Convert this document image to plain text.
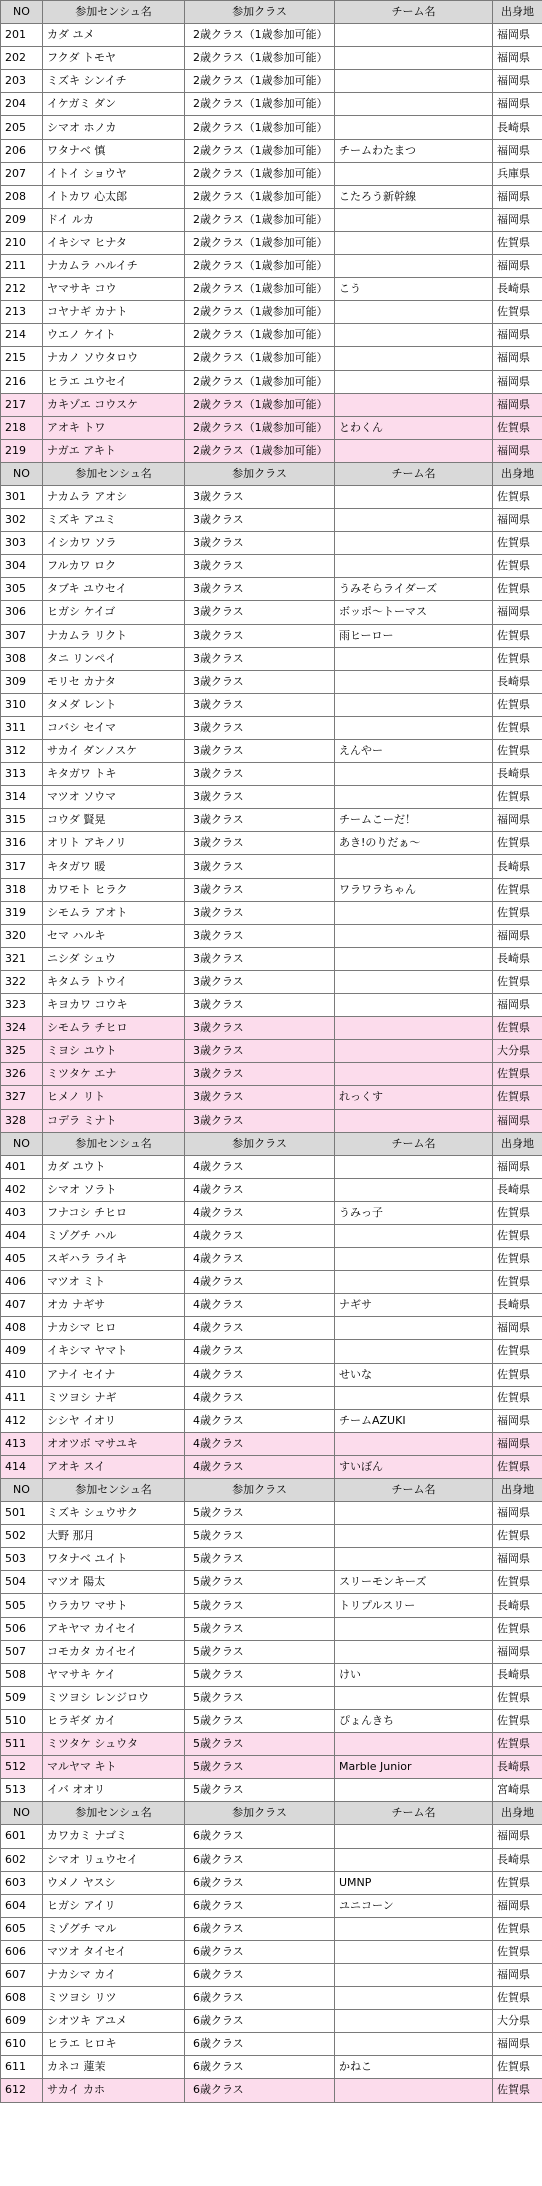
NO	参加センシュ名	参加クラス	チーム名	出身地
201	カダ ユメ	2歳クラス（1歳参加可能）		福岡県
202	フクダ トモヤ	2歳クラス（1歳参加可能）		福岡県
203	ミズキ シンイチ	2歳クラス（1歳参加可能）		福岡県
204	イケガミ ダン	2歳クラス（1歳参加可能）		福岡県
205	シマオ ホノカ	2歳クラス（1歳参加可能）		長崎県
206	ワタナベ 慎	2歳クラス（1歳参加可能）	チームわたまつ	福岡県
207	イトイ ショウヤ	2歳クラス（1歳参加可能）		兵庫県
208	イトカワ 心太郎	2歳クラス（1歳参加可能）	こたろう新幹線	福岡県
209	ドイ ルカ	2歳クラス（1歳参加可能）		福岡県
210	イキシマ ヒナタ	2歳クラス（1歳参加可能）		佐賀県
211	ナカムラ ハルイチ	2歳クラス（1歳参加可能）		福岡県
212	ヤマサキ コウ	2歳クラス（1歳参加可能）	こう	長崎県
213	コヤナギ カナト	2歳クラス（1歳参加可能）		佐賀県
214	ウエノ ケイト	2歳クラス（1歳参加可能）		福岡県
215	ナカノ ソウタロウ	2歳クラス（1歳参加可能）		福岡県
216	ヒラエ ユウセイ	2歳クラス（1歳参加可能）		福岡県
217	カキゾエ コウスケ	2歳クラス（1歳参加可能）		福岡県
218	アオキ トワ	2歳クラス（1歳参加可能）	とわくん	佐賀県
219	ナガエ アキト	2歳クラス（1歳参加可能）		福岡県
NO	参加センシュ名	参加クラス	チーム名	出身地
301	ナカムラ アオシ	3歳クラス		佐賀県
302	ミズキ アユミ	3歳クラス		福岡県
303	イシカワ ソラ	3歳クラス		佐賀県
304	フルカワ ロク	3歳クラス		佐賀県
305	タブキ ユウセイ	3歳クラス	うみそらライダーズ	佐賀県
306	ヒガシ ケイゴ	3歳クラス	ボッポ〜トーマス	福岡県
307	ナカムラ リクト	3歳クラス	雨ヒーロー	佐賀県
308	タニ リンペイ	3歳クラス		佐賀県
309	モリセ カナタ	3歳クラス		長崎県
310	タメダ レント	3歳クラス		佐賀県
311	コバシ セイマ	3歳クラス		佐賀県
312	サカイ ダンノスケ	3歳クラス	えんやー	佐賀県
313	キタガワ トキ	3歳クラス		長崎県
314	マツオ ソウマ	3歳クラス		佐賀県
315	コウダ 賢晃	3歳クラス	チームこーだ！	福岡県
316	オリト アキノリ	3歳クラス	あき!のりだぁ～	佐賀県
317	キタガワ 暖	3歳クラス		長崎県
318	カワモト ヒラク	3歳クラス	ワラワラちゃん	佐賀県
319	シモムラ アオト	3歳クラス		佐賀県
320	セマ ハルキ	3歳クラス		福岡県
321	ニシダ シュウ	3歳クラス		長崎県
322	キタムラ トウイ	3歳クラス		佐賀県
323	キヨカワ コウキ	3歳クラス		福岡県
324	シモムラ チヒロ	3歳クラス		佐賀県
325	ミヨシ ユウト	3歳クラス		大分県
326	ミツタケ エナ	3歳クラス		佐賀県
327	ヒメノ リト	3歳クラス	れっくす	佐賀県
328	コデラ ミナト	3歳クラス		福岡県
NO	参加センシュ名	参加クラス	チーム名	出身地
401	カダ ユウト	4歳クラス		福岡県
402	シマオ ソラト	4歳クラス		長崎県
403	フナコシ チヒロ	4歳クラス	うみっ子	佐賀県
404	ミゾグチ ハル	4歳クラス		佐賀県
405	スギハラ ライキ	4歳クラス		佐賀県
406	マツオ ミト	4歳クラス		佐賀県
407	オカ ナギサ	4歳クラス	ナギサ	長崎県
408	ナカシマ ヒロ	4歳クラス		福岡県
409	イキシマ ヤマト	4歳クラス		佐賀県
410	アナイ セイナ	4歳クラス	せいな	佐賀県
411	ミツヨシ ナギ	4歳クラス		佐賀県
412	シシヤ イオリ	4歳クラス	チームAZUKI	福岡県
413	オオツボ マサユキ	4歳クラス		福岡県
414	アオキ スイ	4歳クラス	すいぼん	佐賀県
NO	参加センシュ名	参加クラス	チーム名	出身地
501	ミズキ シュウサク	5歳クラス		福岡県
502	大野 那月	5歳クラス		佐賀県
503	ワタナベ ユイト	5歳クラス		福岡県
504	マツオ 陽太	5歳クラス	スリーモンキーズ	佐賀県
505	ウラカワ マサト	5歳クラス	トリプルスリー	長崎県
506	アキヤマ カイセイ	5歳クラス		佐賀県
507	コモカタ カイセイ	5歳クラス		福岡県
508	ヤマサキ ケイ	5歳クラス	けい	長崎県
509	ミツヨシ レンジロウ	5歳クラス		佐賀県
510	ヒラギダ カイ	5歳クラス	ぴょんきち	佐賀県
511	ミツタケ シュウタ	5歳クラス		佐賀県
512	マルヤマ キト	5歳クラス	Marble Junior	長崎県
513	イバ オオリ	5歳クラス		宮崎県
NO	参加センシュ名	参加クラス	チーム名	出身地
601	カワカミ ナゴミ	6歳クラス		福岡県
602	シマオ リュウセイ	6歳クラス		長崎県
603	ウメノ ヤスシ	6歳クラス	UMNP	佐賀県
604	ヒガシ アイリ	6歳クラス	ユニコーン	福岡県
605	ミゾグチ マル	6歳クラス		佐賀県
606	マツオ タイセイ	6歳クラス		佐賀県
607	ナカシマ カイ	6歳クラス		福岡県
608	ミツヨシ リツ	6歳クラス		佐賀県
609	シオツキ アユメ	6歳クラス		大分県
610	ヒラエ ヒロキ	6歳クラス		福岡県
611	カネコ 蓮茉	6歳クラス	かねこ	佐賀県
612	サカイ カホ	6歳クラス		佐賀県
